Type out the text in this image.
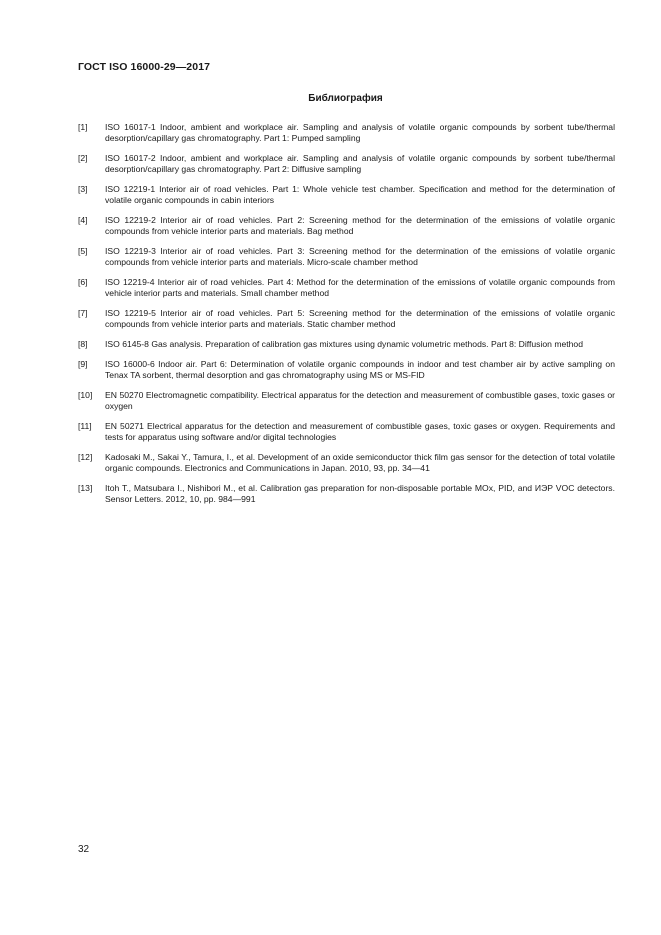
ГОСТ ISO 16000-29—2017
Библиография
[1]	ISO 16017-1 Indoor, ambient and workplace air. Sampling and analysis of volatile organic compounds by sorbent tube/thermal desorption/capillary gas chromatography. Part 1: Pumped sampling
[2]	ISO 16017-2 Indoor, ambient and workplace air. Sampling and analysis of volatile organic compounds by sorbent tube/thermal desorption/capillary gas chromatography. Part 2: Diffusive sampling
[3]	ISO 12219-1 Interior air of road vehicles. Part 1: Whole vehicle test chamber. Specification and method for the determination of volatile organic compounds in cabin interiors
[4]	ISO 12219-2 Interior air of road vehicles. Part 2: Screening method for the determination of the emissions of volatile organic compounds from vehicle interior parts and materials. Bag method
[5]	ISO 12219-3 Interior air of road vehicles. Part 3: Screening method for the determination of the emissions of volatile organic compounds from vehicle interior parts and materials. Micro-scale chamber method
[6]	ISO 12219-4 Interior air of road vehicles. Part 4: Method for the determination of the emissions of volatile organic compounds from vehicle interior parts and materials. Small chamber method
[7]	ISO 12219-5 Interior air of road vehicles. Part 5: Screening method for the determination of the emissions of volatile organic compounds from vehicle interior parts and materials. Static chamber method
[8]	ISO 6145-8 Gas analysis. Preparation of calibration gas mixtures using dynamic volumetric methods. Part 8: Diffusion method
[9]	ISO 16000-6 Indoor air. Part 6: Determination of volatile organic compounds in indoor and test chamber air by active sampling on Tenax TA sorbent, thermal desorption and gas chromatography using MS or MS-FID
[10]	EN 50270 Electromagnetic compatibility. Electrical apparatus for the detection and measurement of combustible gases, toxic gases or oxygen
[11]	EN 50271 Electrical apparatus for the detection and measurement of combustible gases, toxic gases or oxygen. Requirements and tests for apparatus using software and/or digital technologies
[12]	Kadosaki M., Sakai Y., Tamura, I., et al. Development of an oxide semiconductor thick film gas sensor for the detection of total volatile organic compounds. Electronics and Communications in Japan. 2010, 93, pp. 34—41
[13]	Itoh T., Matsubara I., Nishibori M., et al. Calibration gas preparation for non-disposable portable MOx, PID, and ИЭР VOC detectors. Sensor Letters. 2012, 10, pp. 984—991
32
